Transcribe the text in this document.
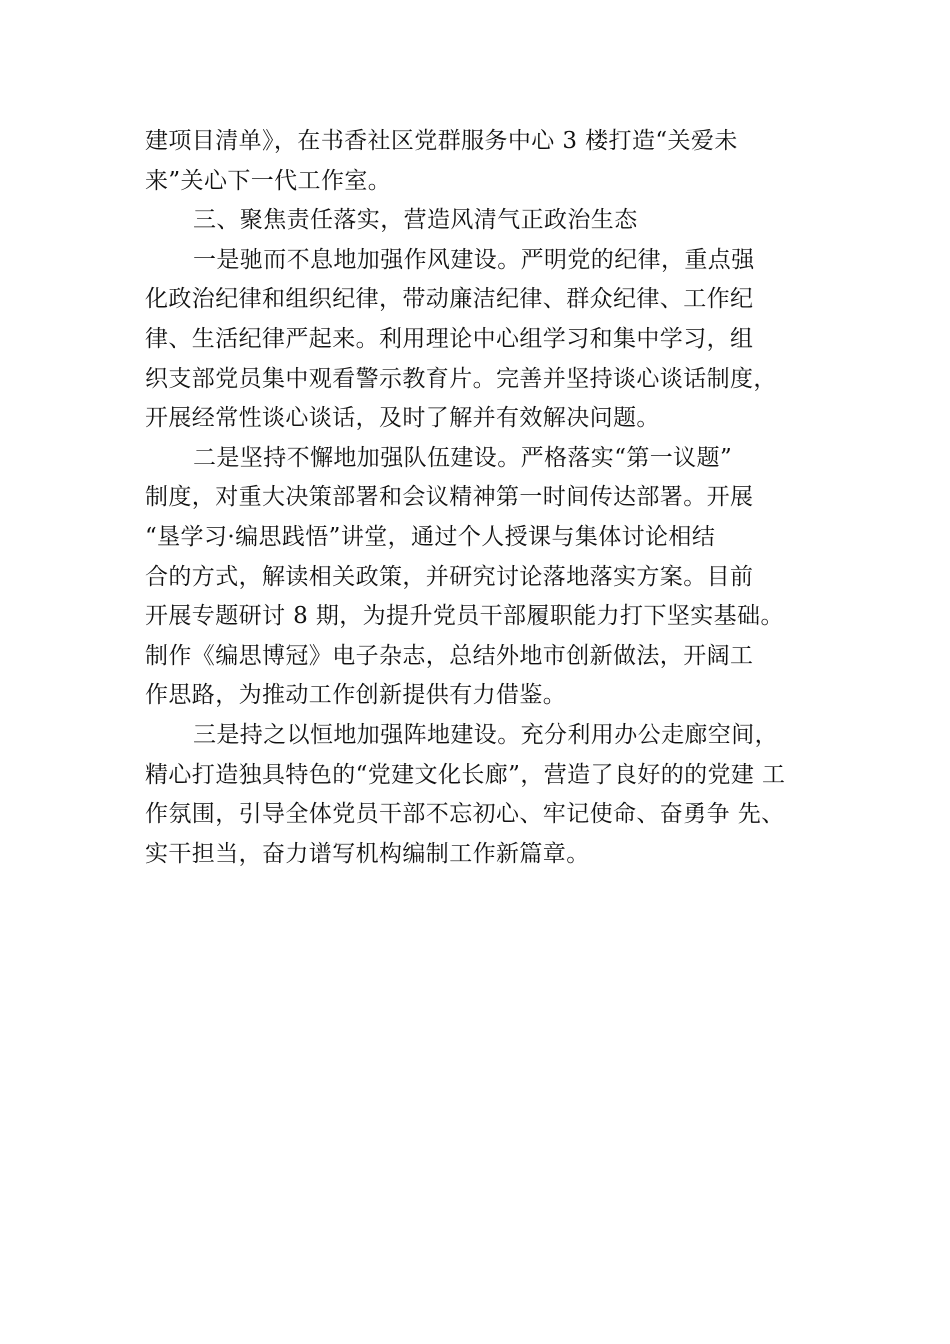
建项目清单》，在书香社区党群服务中心 3 楼打造“关爱未
来”关心下一代工作室。
三、聚焦责任落实，营造风清气正政治生态
一是驰而不息地加强作风建设。严明党的纪律，重点强
化政治纪律和组织纪律，带动廉洁纪律、群众纪律、工作纪
律、生活纪律严起来。利用理论中心组学习和集中学习，组
织支部党员集中观看警示教育片。完善并坚持谈心谈话制度，
开展经常性谈心谈话，及时了解并有效解决问题。
二是坚持不懈地加强队伍建设。严格落实“第一议题”
制度，对重大决策部署和会议精神第一时间传达部署。开展
“垦学习·编思践悟”讲堂，通过个人授课与集体讨论相结
合的方式，解读相关政策，并研究讨论落地落实方案。目前
开展专题研讨 8 期，为提升党员干部履职能力打下坚实基础。
制作《编思博冠》电子杂志，总结外地市创新做法，开阔工
作思路，为推动工作创新提供有力借鉴。
三是持之以恒地加强阵地建设。充分利用办公走廊空间，
精心打造独具特色的“党建文化长廊”，营造了良好的的党建 工
作氛围，引导全体党员干部不忘初心、牢记使命、奋勇争 先、
实干担当，奋力谱写机构编制工作新篇章。
